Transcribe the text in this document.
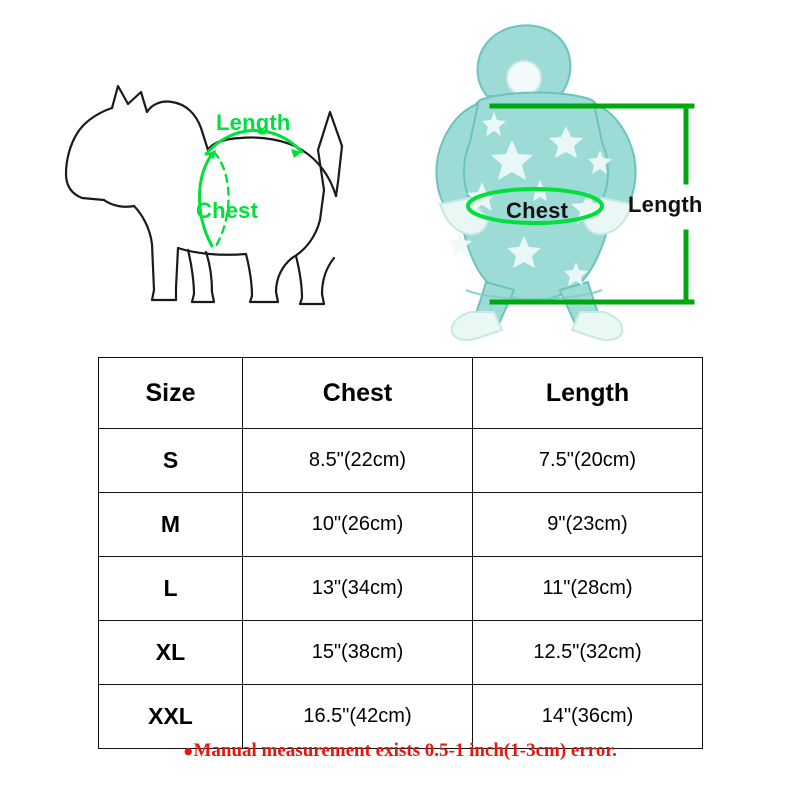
Length
Chest	Chest	Length
Size	Chest	Length
S	8.5"(22cm)	7.5"(20cm)
M	10"(26cm)	9"(23cm)
L	13"(34cm)	11"(28cm)
XL	15"(38cm)	12.5"(32cm)
XXL	16.5"(42cm)	14"(36cm)
●Manual measurement exists 0.5-1 inch(1-3cm) error.
